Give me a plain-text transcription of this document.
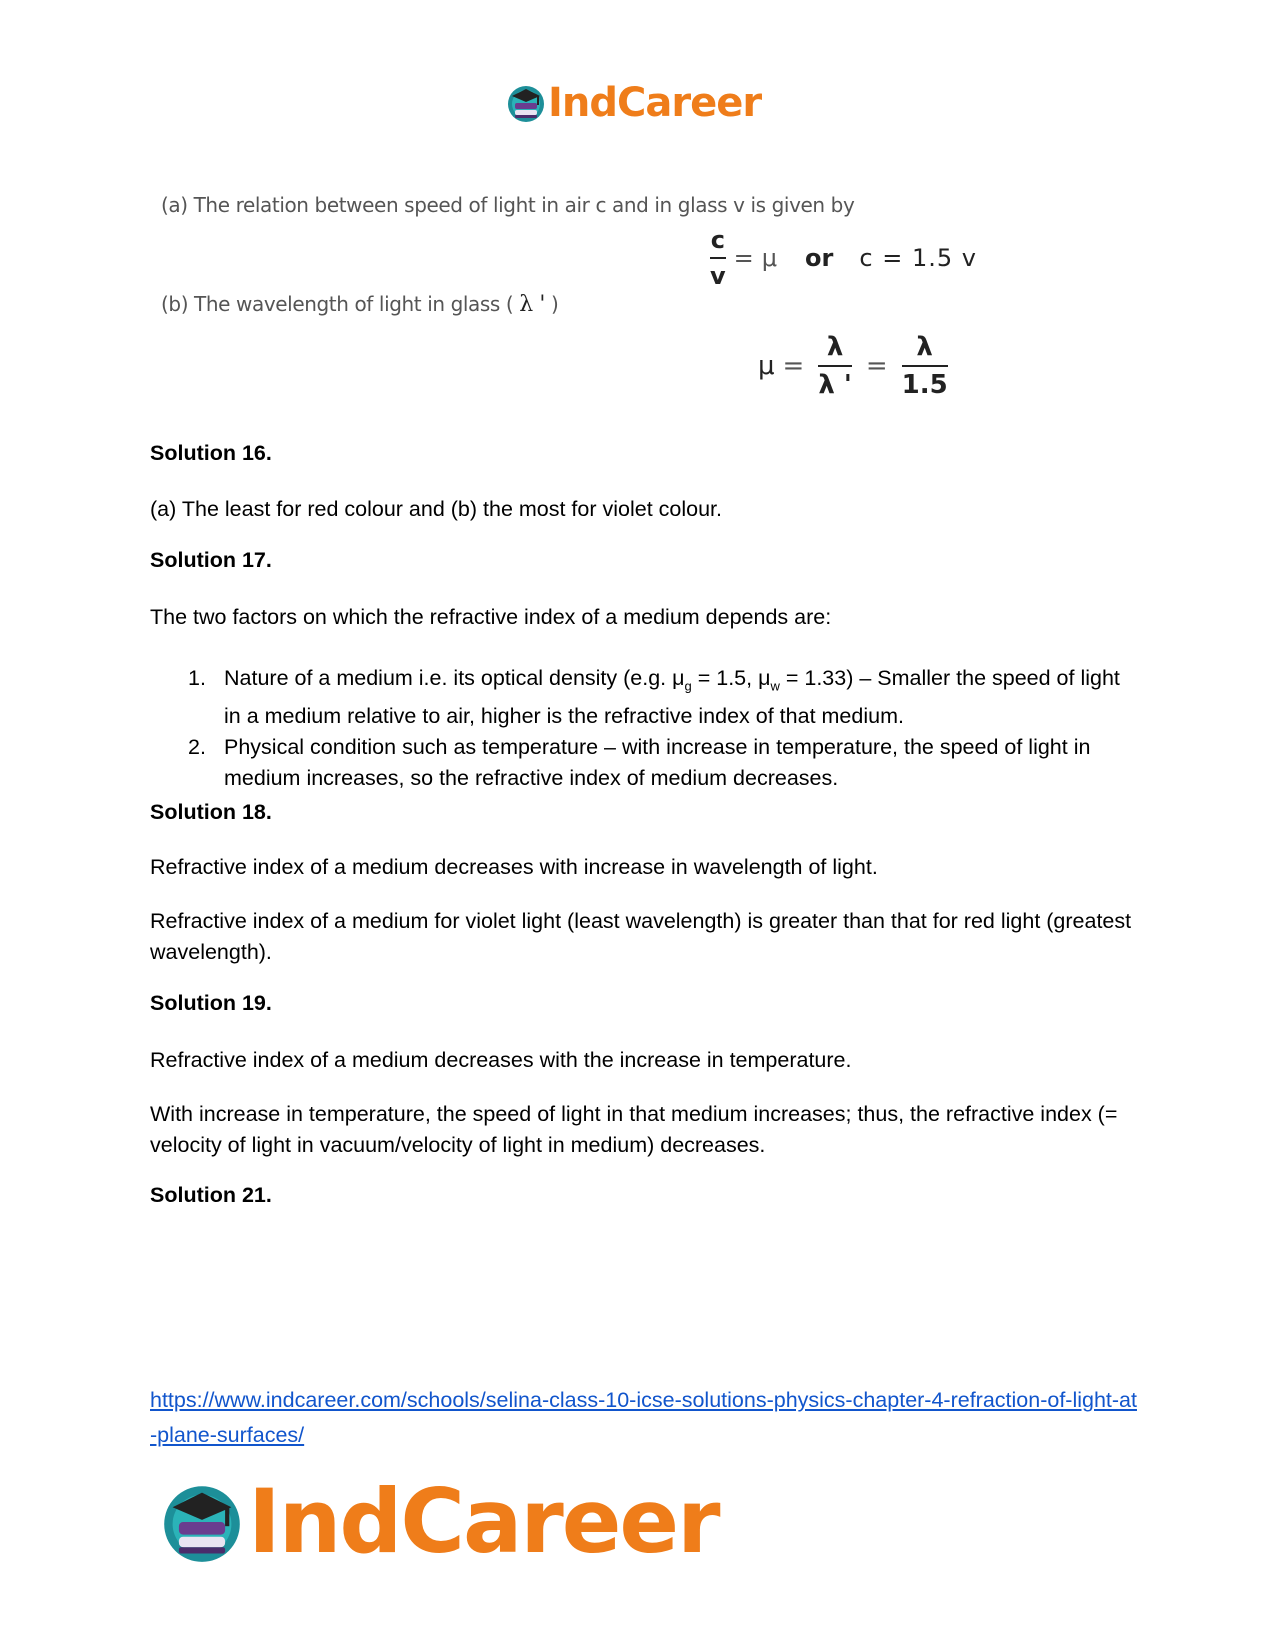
IndCareer
(a) The relation between speed of light in air c and in glass v is given by
$\frac{c}{v} = \mu$ or c = 1.5 v
(b) The wavelength of light in glass ( λ ' )
$\mu = \frac{\lambda}{\lambda '} = \frac{\lambda}{1.5}$
Solution 16.
(a) The least for red colour and (b) the most for violet colour.
Solution 17.
The two factors on which the refractive index of a medium depends are:
1. Nature of a medium i.e. its optical density (e.g. $\mu_g = 1.5$, $\mu_w = 1.33$) – Smaller the speed of light in a medium relative to air, higher is the refractive index of that medium.
2. Physical condition such as temperature – with increase in temperature, the speed of light in medium increases, so the refractive index of medium decreases.
Solution 18.
Refractive index of a medium decreases with increase in wavelength of light.
Refractive index of a medium for violet light (least wavelength) is greater than that for red light (greatest wavelength).
Solution 19.
Refractive index of a medium decreases with the increase in temperature.
With increase in temperature, the speed of light in that medium increases; thus, the refractive index (= velocity of light in vacuum/velocity of light in medium) decreases.
Solution 21.
https://www.indcareer.com/schools/selina-class-10-icse-solutions-physics-chapter-4-refraction-of-light-at-plane-surfaces/
IndCareer
